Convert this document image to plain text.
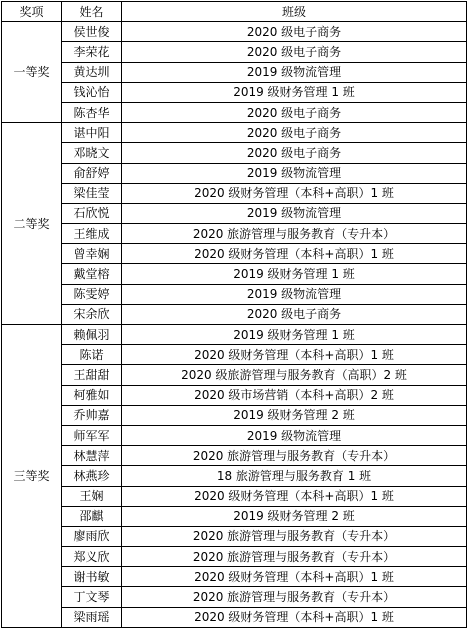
奖项	姓名	班级
一等奖	侯世俊	2020 级电子商务
	李荣花	2020 级电子商务
	黄达圳	2019 级物流管理
	钱沁怡	2019 级财务管理 1 班
	陈杏华	2020 级电子商务
二等奖	谌中阳	2020 级电子商务
	邓晓文	2020 级电子商务
	俞舒婷	2019 级物流管理
	梁佳莹	2020 级财务管理（本科+高职）1 班
	石欣悦	2019 级物流管理
	王维成	2020 旅游管理与服务教育（专升本）
	曾幸娴	2020 级财务管理（本科+高职）1 班
	戴堂榕	2019 级财务管理 1 班
	陈雯婷	2019 级物流管理
	宋余欣	2020 级电子商务
三等奖	赖佩羽	2019 级财务管理 1 班
	陈诺	2020 级财务管理（本科+高职）1 班
	王甜甜	2020 级旅游管理与服务教育（高职）2 班
	柯雅如	2020 级市场营销（本科+高职）2 班
	乔帅嘉	2019 级财务管理 2 班
	师军军	2019 级物流管理
	林慧萍	2020 旅游管理与服务教育（专升本）
	林燕珍	18 旅游管理与服务教育 1 班
	王娴	2020 级财务管理（本科+高职）1 班
	邵麒	2019 级财务管理 2 班
	廖雨欣	2020 旅游管理与服务教育（专升本）
	郑义欣	2020 旅游管理与服务教育（专升本）
	谢书敏	2020 级财务管理（本科+高职）1 班
	丁文琴	2020 旅游管理与服务教育（专升本）
	梁雨瑶	2020 级财务管理（本科+高职）1 班
